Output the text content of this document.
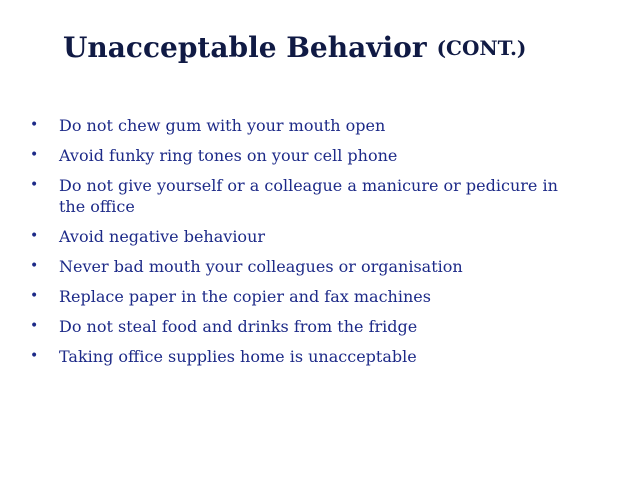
Unacceptable Behavior (CONT.)
• Do not chew gum with your mouth open
• Avoid funky ring tones on your cell phone
• Do not give yourself or a colleague a manicure or pedicure in the office
• Avoid negative behaviour
• Never bad mouth your colleagues or organisation
• Replace paper in the copier and fax machines
• Do not steal food and drinks from the fridge
• Taking office supplies home is unacceptable
